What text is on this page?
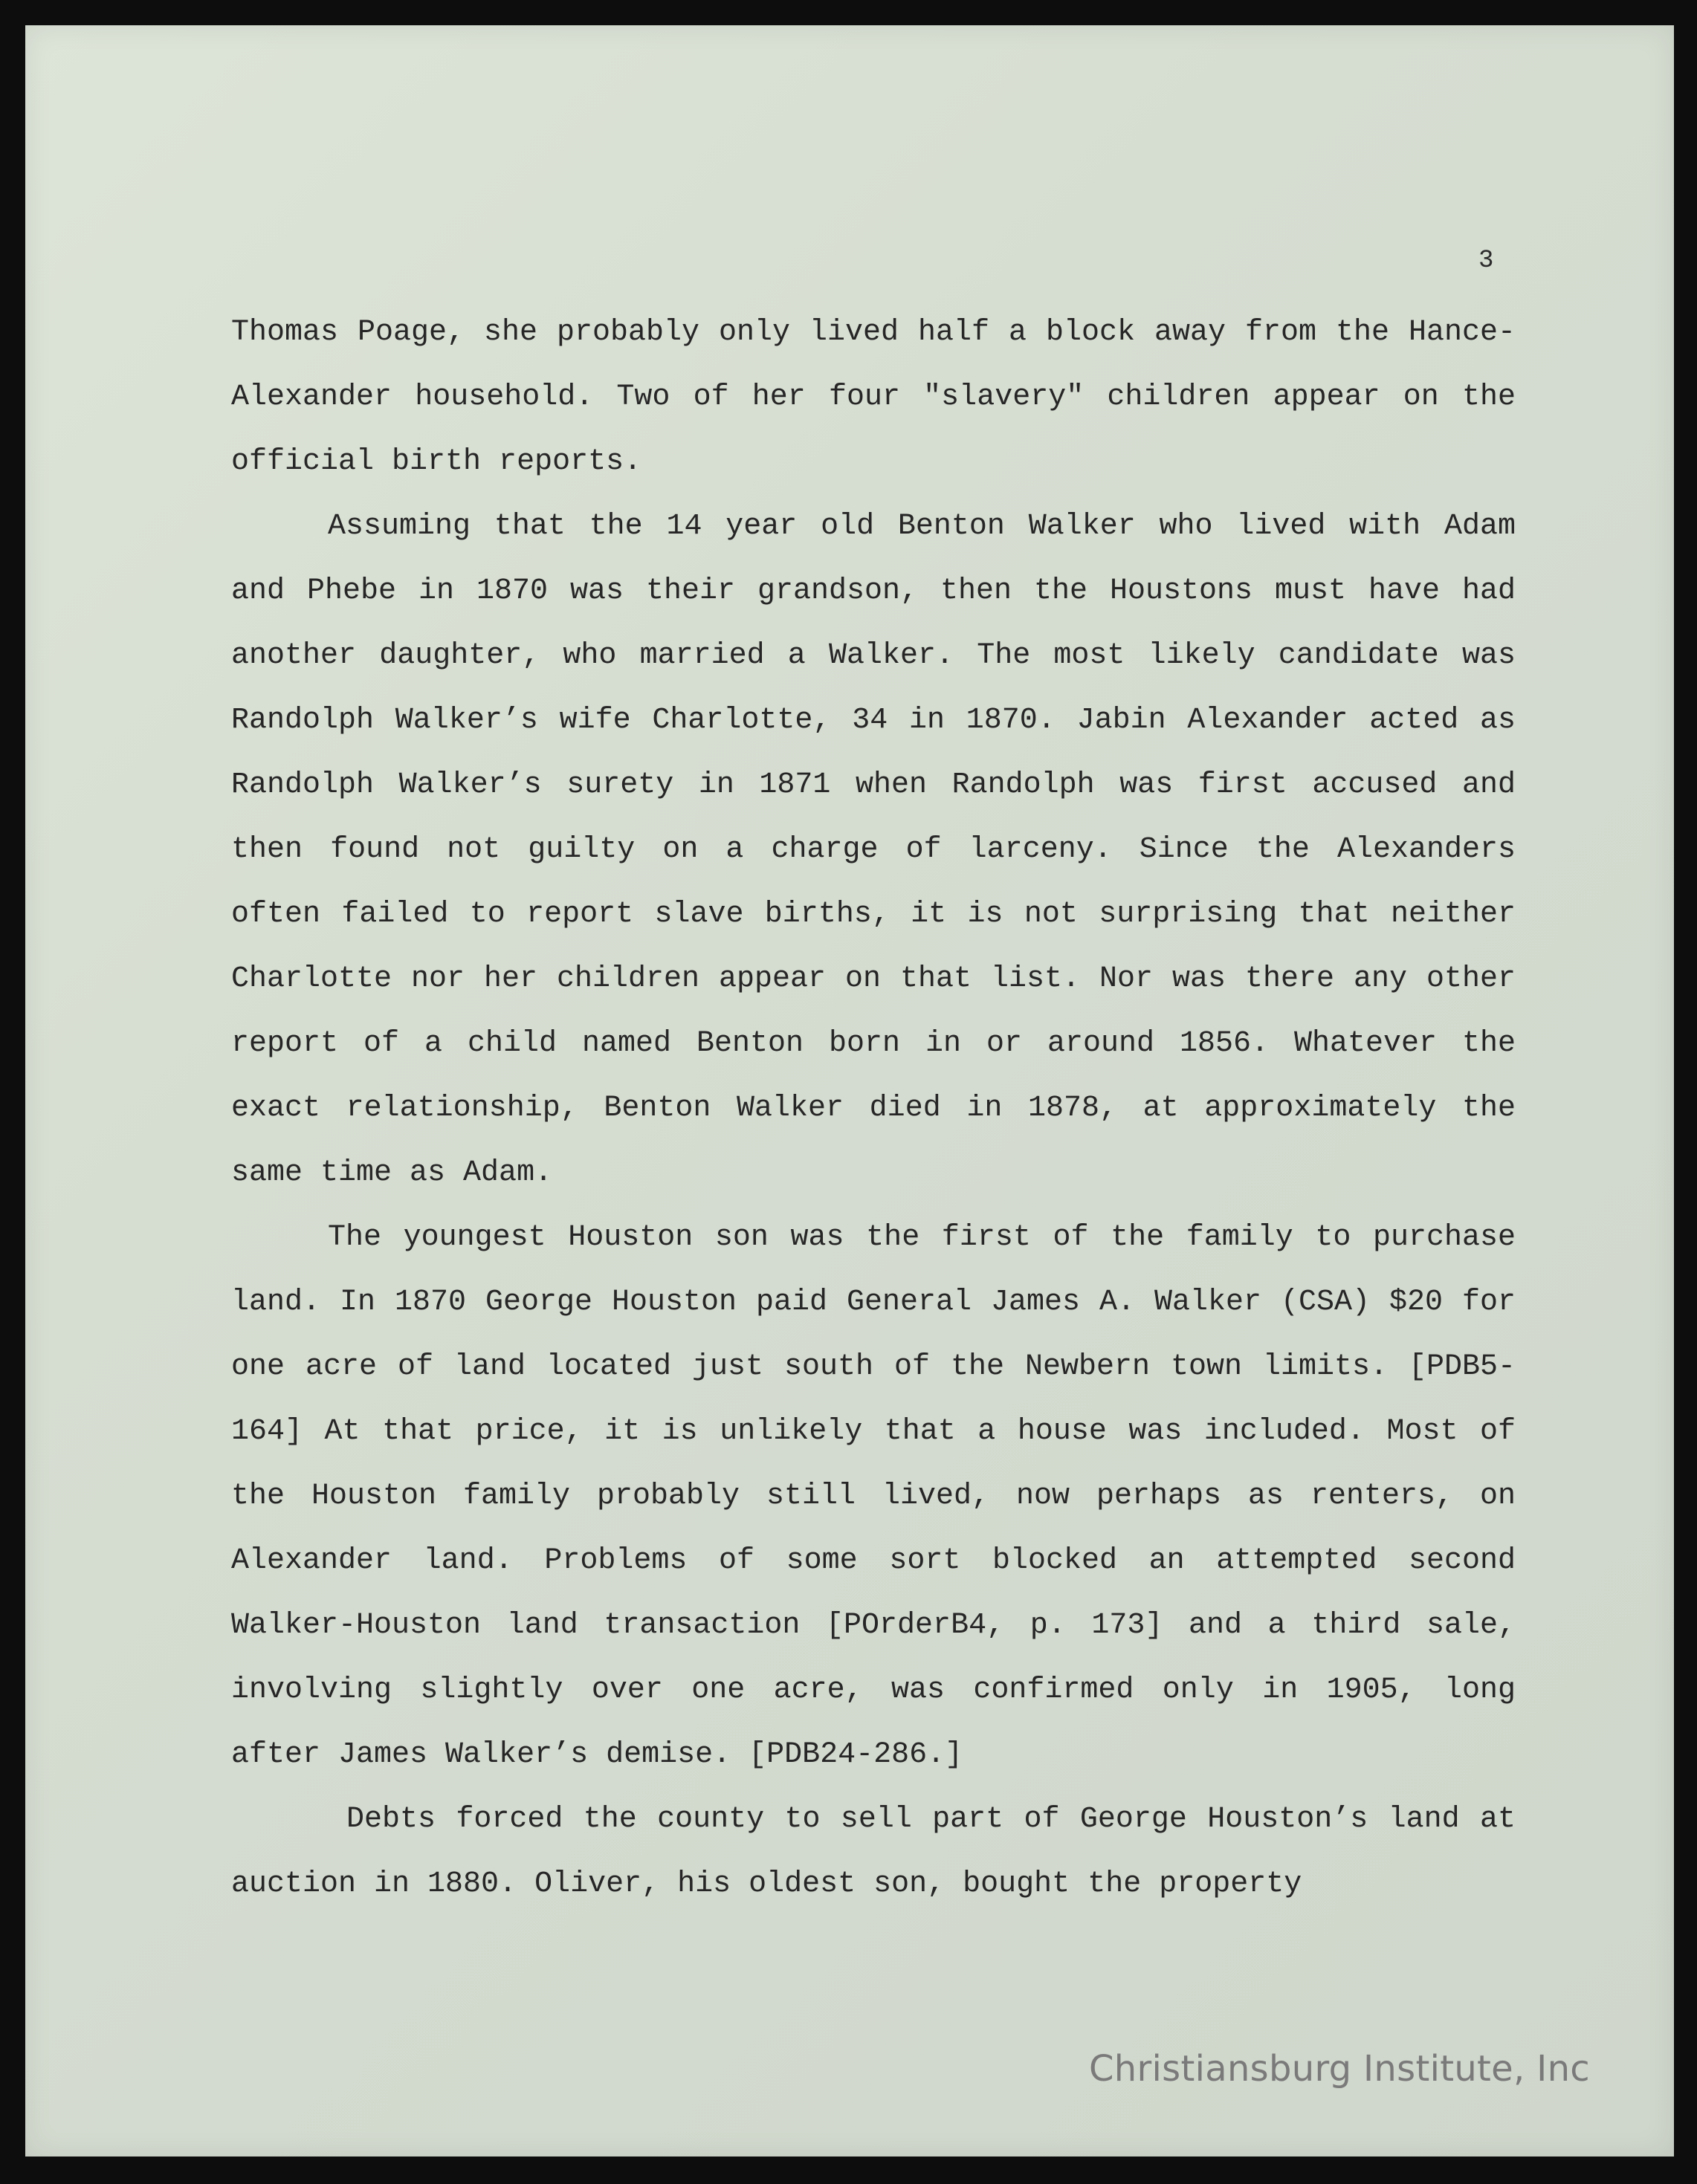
3

Thomas Poage, she probably only lived half a block away from the Hance-Alexander household. Two of her four "slavery" children appear on the official birth reports.

Assuming that the 14 year old Benton Walker who lived with Adam and Phebe in 1870 was their grandson, then the Houstons must have had another daughter, who married a Walker. The most likely candidate was Randolph Walker’s wife Charlotte, 34 in 1870. Jabin Alexander acted as Randolph Walker’s surety in 1871 when Randolph was first accused and then found not guilty on a charge of larceny. Since the Alexanders often failed to report slave births, it is not surprising that neither Charlotte nor her children appear on that list. Nor was there any other report of a child named Benton born in or around 1856. Whatever the exact relationship, Benton Walker died in 1878, at approximately the same time as Adam.

The youngest Houston son was the first of the family to purchase land. In 1870 George Houston paid General James A. Walker (CSA) $20 for one acre of land located just south of the Newbern town limits. [PDB5-164] At that price, it is unlikely that a house was included. Most of the Houston family probably still lived, now perhaps as renters, on Alexander land. Problems of some sort blocked an attempted second Walker-Houston land transaction [POrderB4, p. 173] and a third sale, involving slightly over one acre, was confirmed only in 1905, long after James Walker’s demise. [PDB24-286.]

Debts forced the county to sell part of George Houston’s land at auction in 1880. Oliver, his oldest son, bought the property

Christiansburg Institute, Inc
